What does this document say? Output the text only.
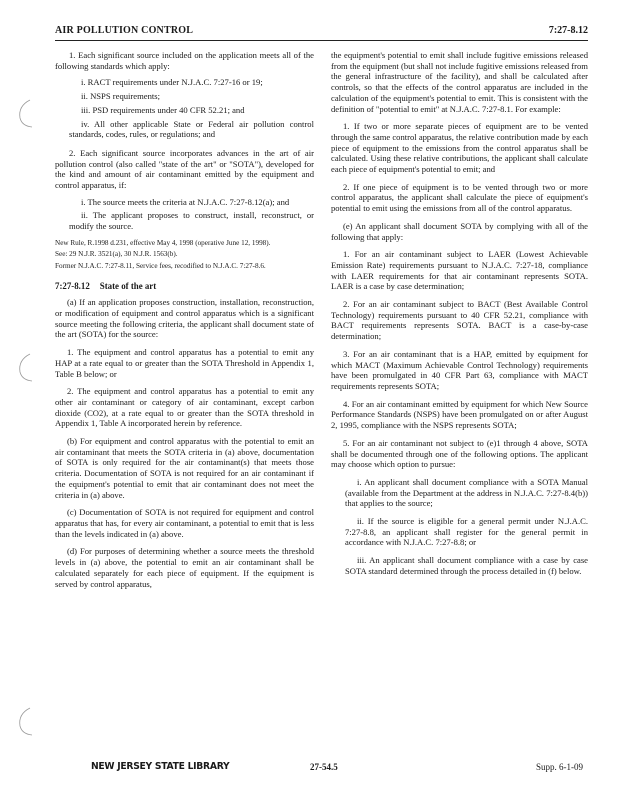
AIR POLLUTION CONTROL	7:27-8.12

1. Each significant source included on the application meets all of the following standards which apply:

i. RACT requirements under N.J.A.C. 7:27-16 or 19;

ii. NSPS requirements;

iii. PSD requirements under 40 CFR 52.21; and

iv. All other applicable State or Federal air pollution control standards, codes, rules, or regulations; and

2. Each significant source incorporates advances in the art of air pollution control (also called "state of the art" or "SOTA"), developed for the kind and amount of air contaminant emitted by the equipment and control apparatus, if:

i. The source meets the criteria at N.J.A.C. 7:27-8.12(a); and

ii. The applicant proposes to construct, install, reconstruct, or modify the source.

New Rule, R.1998 d.231, effective May 4, 1998 (operative June 12, 1998).

See: 29 N.J.R. 3521(a), 30 N.J.R. 1563(b).

Former N.J.A.C. 7:27-8.11, Service fees, recodified to N.J.A.C. 7:27-8.6.

7:27-8.12 State of the art

(a) If an application proposes construction, installation, reconstruction, or modification of equipment and control apparatus which is a significant source meeting the following criteria, the applicant shall document state of the art (SOTA) for the source:

1. The equipment and control apparatus has a potential to emit any HAP at a rate equal to or greater than the SOTA Threshold in Appendix 1, Table B below; or

2. The equipment and control apparatus has a potential to emit any other air contaminant or category of air contaminant, except carbon dioxide (CO2), at a rate equal to or greater than the SOTA threshold in Appendix 1, Table A incorporated herein by reference.

(b) For equipment and control apparatus with the potential to emit an air contaminant that meets the SOTA criteria in (a) above, documentation of SOTA is only required for the air contaminant(s) that meets those criteria. Documentation of SOTA is not required for an air contaminant if the equipment's potential to emit that air contaminant does not meet the criteria in (a) above.

(c) Documentation of SOTA is not required for equipment and control apparatus that has, for every air contaminant, a potential to emit that is less than the levels indicated in (a) above.

(d) For purposes of determining whether a source meets the threshold levels in (a) above, the potential to emit an air contaminant shall be calculated separately for each piece of equipment. If the equipment is served by control apparatus,

the equipment's potential to emit shall include fugitive emissions released from the equipment (but shall not include fugitive emissions released from the general infrastructure of the facility), and shall be calculated after controls, so that the effects of the control apparatus are included in the calculation of the equipment's potential to emit. This is consistent with the definition of "potential to emit" at N.J.A.C. 7:27-8.1. For example:

1. If two or more separate pieces of equipment are to be vented through the same control apparatus, the relative contribution made by each piece of equipment to the emissions from the control apparatus shall be calculated. Using these relative contributions, the applicant shall calculate each piece of equipment's potential to emit; and

2. If one piece of equipment is to be vented through two or more control apparatus, the applicant shall calculate the piece of equipment's potential to emit using the emissions from all of the control apparatus.

(e) An applicant shall document SOTA by complying with all of the following that apply:

1. For an air contaminant subject to LAER (Lowest Achievable Emission Rate) requirements pursuant to N.J.A.C. 7:27-18, compliance with LAER requirements for that air contaminant represents SOTA. LAER is a case by case determination;

2. For an air contaminant subject to BACT (Best Available Control Technology) requirements pursuant to 40 CFR 52.21, compliance with BACT requirements represents SOTA. BACT is a case-by-case determination;

3. For an air contaminant that is a HAP, emitted by equipment for which MACT (Maximum Achievable Control Technology) requirements have been promulgated in 40 CFR Part 63, compliance with MACT requirements represents SOTA;

4. For an air contaminant emitted by equipment for which New Source Performance Standards (NSPS) have been promulgated on or after August 2, 1995, compliance with the NSPS represents SOTA;

5. For an air contaminant not subject to (e)1 through 4 above, SOTA shall be documented through one of the following options. The applicant may choose which option to pursue:

i. An applicant shall document compliance with a SOTA Manual (available from the Department at the address in N.J.A.C. 7:27-8.4(b)) that applies to the source;

ii. If the source is eligible for a general permit under N.J.A.C. 7:27-8.8, an applicant shall register for the general permit in accordance with N.J.A.C. 7:27-8.8; or

iii. An applicant shall document compliance with a case by case SOTA standard determined through the process detailed in (f) below.

NEW JERSEY STATE LIBRARY	27-54.5	Supp. 6-1-09
